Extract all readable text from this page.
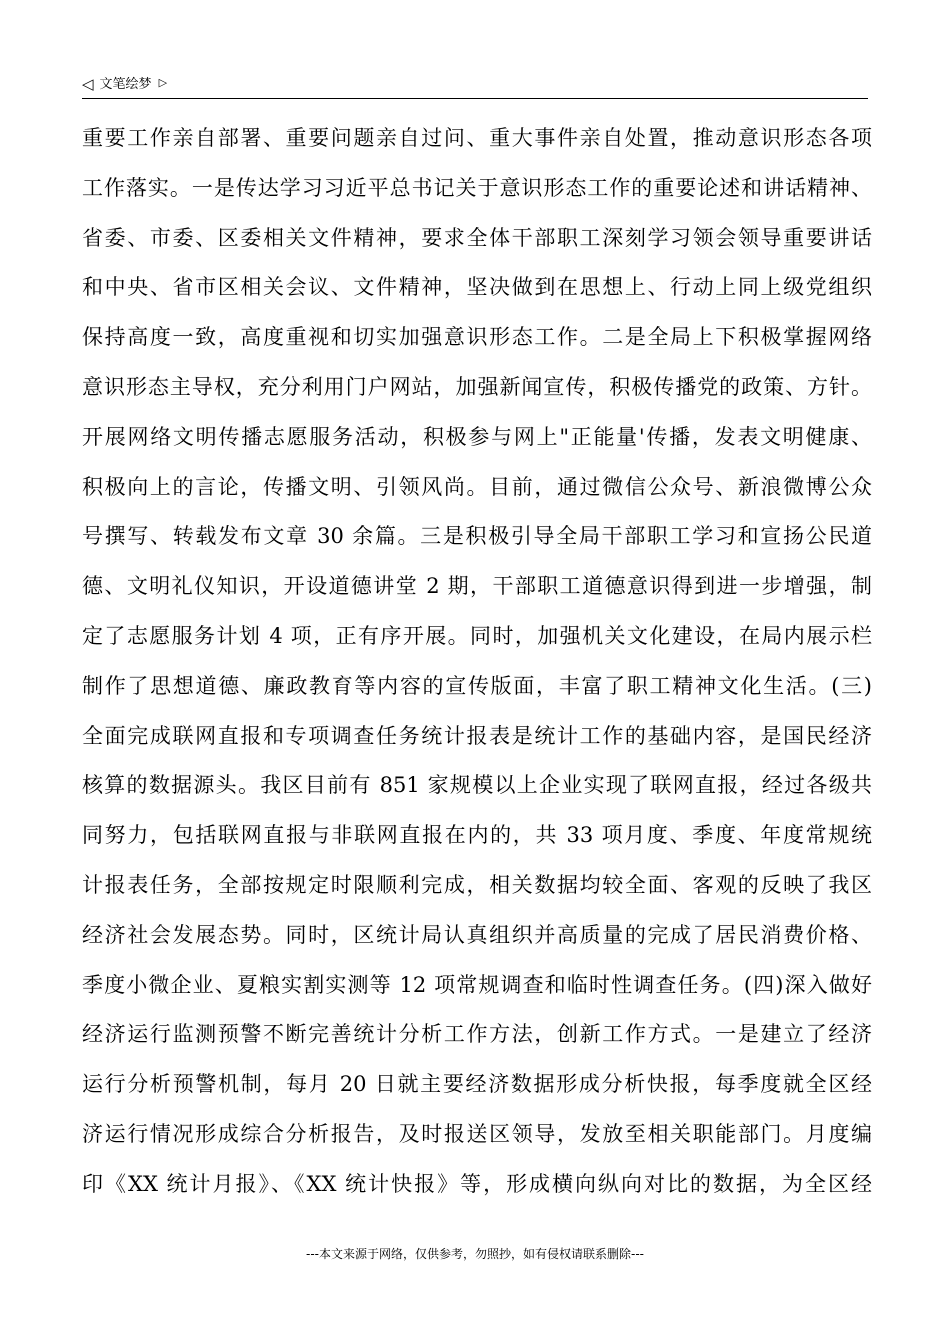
◁ 文笔绘梦 ▷
重要工作亲自部署、重要问题亲自过问、重大事件亲自处置，推动意识形态各项
工作落实。一是传达学习习近平总书记关于意识形态工作的重要论述和讲话精神、
省委、市委、区委相关文件精神，要求全体干部职工深刻学习领会领导重要讲话
和中央、省市区相关会议、文件精神，坚决做到在思想上、行动上同上级党组织
保持高度一致，高度重视和切实加强意识形态工作。二是全局上下积极掌握网络
意识形态主导权，充分利用门户网站，加强新闻宣传，积极传播党的政策、方针。
开展网络文明传播志愿服务活动，积极参与网上"正能量'传播，发表文明健康、
积极向上的言论，传播文明、引领风尚。目前，通过微信公众号、新浪微博公众
号撰写、转载发布文章 30 余篇。三是积极引导全局干部职工学习和宣扬公民道
德、文明礼仪知识，开设道德讲堂 2 期，干部职工道德意识得到进一步增强，制
定了志愿服务计划 4 项，正有序开展。同时，加强机关文化建设，在局内展示栏
制作了思想道德、廉政教育等内容的宣传版面，丰富了职工精神文化生活。(三)
全面完成联网直报和专项调查任务统计报表是统计工作的基础内容，是国民经济
核算的数据源头。我区目前有 851 家规模以上企业实现了联网直报，经过各级共
同努力，包括联网直报与非联网直报在内的，共 33 项月度、季度、年度常规统
计报表任务，全部按规定时限顺利完成，相关数据均较全面、客观的反映了我区
经济社会发展态势。同时，区统计局认真组织并高质量的完成了居民消费价格、
季度小微企业、夏粮实割实测等 12 项常规调查和临时性调查任务。(四)深入做好
经济运行监测预警不断完善统计分析工作方法，创新工作方式。一是建立了经济
运行分析预警机制，每月 20 日就主要经济数据形成分析快报，每季度就全区经
济运行情况形成综合分析报告，及时报送区领导，发放至相关职能部门。月度编
印《XX 统计月报》、《XX 统计快报》等，形成横向纵向对比的数据，为全区经
---本文来源于网络，仅供参考，勿照抄，如有侵权请联系删除---
